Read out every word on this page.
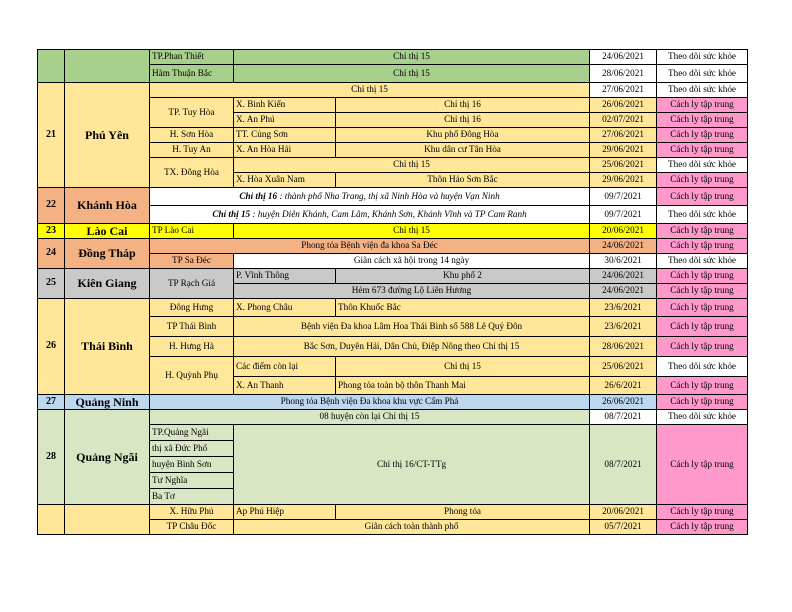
		TP.Phan Thiết	Chỉ thị 15		24/06/2021	Theo dõi sức khỏe
		Hàm Thuận Bắc	Chỉ thị 15		28/06/2021	Theo dõi sức khỏe
21	Phú Yên	Chỉ thị 15			27/06/2021	Theo dõi sức khỏe
		TP. Tuy Hòa	X. Bình Kiến	Chỉ thị 16	26/06/2021	Cách ly tập trung
			X. An Phú	Chỉ thị 16	02/07/2021	Cách ly tập trung
		H. Sơn Hòa	TT. Củng Sơn	Khu phố Đông Hòa	27/06/2021	Cách ly tập trung
		H. Tuy An	X. An Hòa Hải	Khu dân cư Tân Hòa	29/06/2021	Cách ly tập trung
		TX. Đông Hòa	Chỉ thị 15		25/06/2021	Theo dõi sức khỏe
			X. Hòa Xuân Nam	Thôn Hảo Sơn Bắc	29/06/2021	Cách ly tập trung
22	Khánh Hòa	Chỉ thị 16 : thành phố Nha Trang, thị xã Ninh Hòa và huyện Vạn Ninh			09/7/2021	Cách ly tập trung
		Chỉ thị 15 : huyện Diên Khánh, Cam Lâm, Khánh Sơn, Khánh Vĩnh và TP Cam Ranh			09/7/2021	Theo dõi sức khỏe
23	Lào Cai	TP Lào Cai	Chỉ thị 15		20/06/2021	Cách ly tập trung
24	Đồng Tháp	Phong tỏa Bệnh viện đa khoa Sa Đéc			24/06/2021	Cách ly tập trung
		TP Sa Đéc	Giãn cách xã hội trong 14 ngày		30/6/2021	Theo dõi sức khỏe
25	Kiên Giang	TP Rạch Giá	P. Vĩnh Thông	Khu phố 2	24/06/2021	Cách ly tập trung
			Hẻm 673 đường Lộ Liên Hương		24/06/2021	Cách ly tập trung
26	Thái Bình	Đông Hưng	X. Phong Châu	Thôn Khuốc Bắc	23/6/2021	Cách ly tập trung
		TP Thái Bình	Bệnh viện Đa khoa Lâm Hoa Thái Bình số 588 Lê Quý Đôn		23/6/2021	Cách ly tập trung
		H. Hưng Hà	Bắc Sơn, Duyên Hải, Dân Chủ, Điệp Nông theo Chỉ thị 15		28/06/2021	Cách ly tập trung
		H. Quỳnh Phụ	Các điểm còn lại	Chỉ thị 15	25/06/2021	Theo dõi sức khỏe
			X. An Thanh	Phong tỏa toàn bộ thôn Thanh Mai	26/6/2021	Cách ly tập trung
27	Quảng Ninh	Phong tỏa Bệnh viện Đa khoa khu vực Cẩm Phả			26/06/2021	Cách ly tập trung
28	Quảng Ngãi	08 huyện còn lại Chỉ thị 15			08/7/2021	Theo dõi sức khỏe
		TP.Quảng Ngãi	Chỉ thị 16/CT-TTg		08/7/2021	Cách ly tập trung
		thị xã Đức Phổ				
		huyện Bình Sơn				
		Tư Nghĩa				
		Ba Tơ				
		X. Hữu Phú	Ap Phú Hiệp	Phong tỏa	20/06/2021	Cách ly tập trung
		TP Châu Đốc	Giãn cách toàn thành phố		05/7/2021	Cách ly tập trung
